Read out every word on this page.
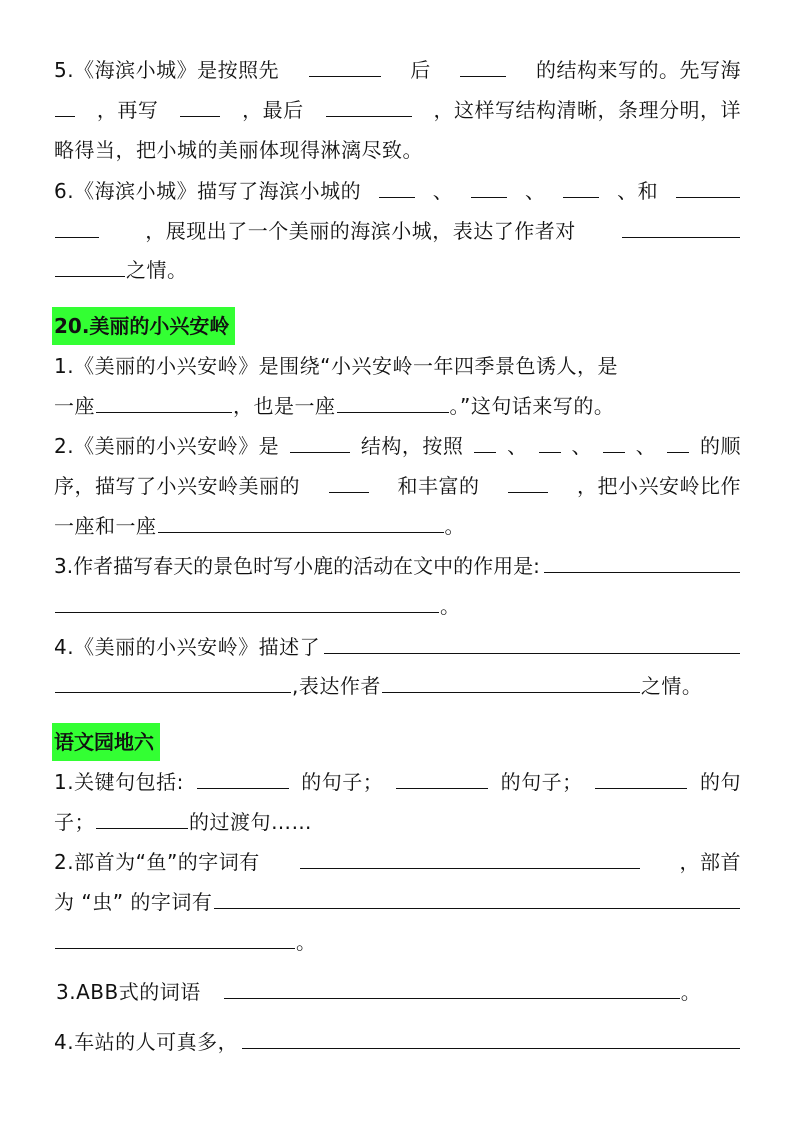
5.《海滨小城》是按照先	后	的结构来写的。先写海
，再写	，最后	，这样写结构清晰，条理分明，详
略得当，把小城的美丽体现得淋漓尽致。
6.《海滨小城》描写了海滨小城的	、	、	、和
，展现出了一个美丽的海滨小城，表达了作者对
之情。
20.美丽的小兴安岭
1.《美丽的小兴安岭》是围绕“小兴安岭一年四季景色诱人，是
一座	，也是一座	。”这句话来写的。
2.《美丽的小兴安岭》是	结构，按照 、 、 、 的顺
序，描写了小兴安岭美丽的	和丰富的	，把小兴安岭比作
一座和一座	。
3.作者描写春天的景色时写小鹿的活动在文中的作用是:
。
4.《美丽的小兴安岭》描述了
,表达作者	之情。
语文园地六
1.关键句包括:	的句子；	的句子；	的句
子；	的过渡句……
2.部首为“鱼”的字词有	，部首
为 “虫” 的字词有
。
3.ABB式的词语	。
4.车站的人可真多，
